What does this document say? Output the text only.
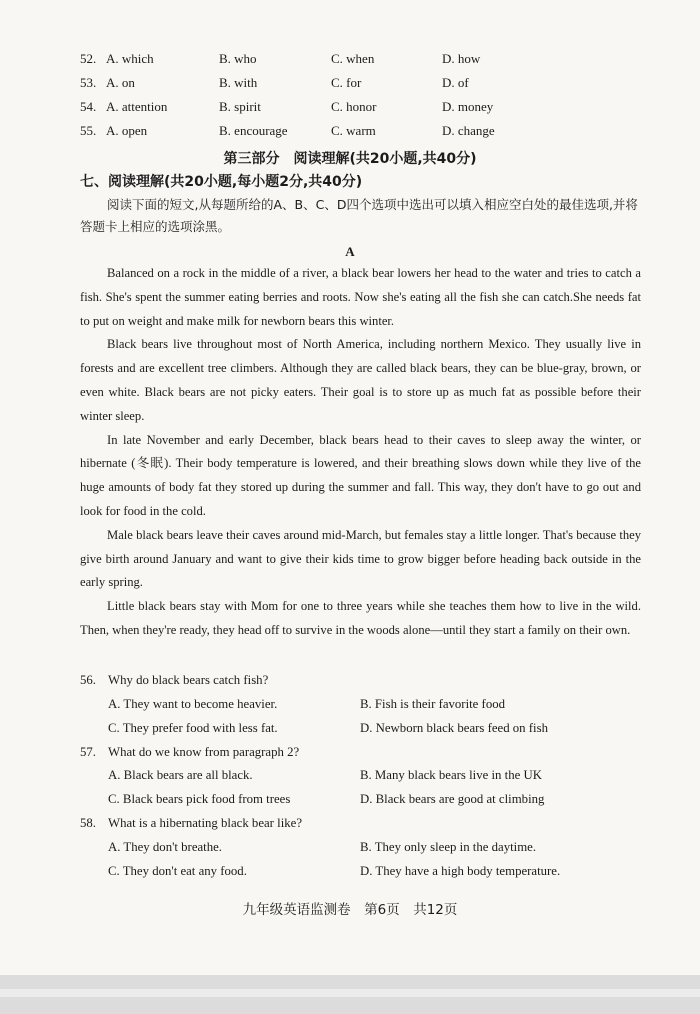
52. A. which	B. who	C. when	D. how
53. A. on	B. with	C. for	D. of
54. A. attention	B. spirit	C. honor	D. money
55. A. open	B. encourage	C. warm	D. change
第三部分　阅读理解(共20小题,共40分)
七、阅读理解(共20小题,每小题2分,共40分)
阅读下面的短文,从每题所给的A、B、C、D四个选项中选出可以填入相应空白处的最佳选项,并将答题卡上相应的选项涂黑。
A

Balanced on a rock in the middle of a river, a black bear lowers her head to the water and tries to catch a fish. She's spent the summer eating berries and roots. Now she's eating all the fish she can catch.She needs fat to put on weight and make milk for newborn bears this winter.

Black bears live throughout most of North America, including northern Mexico. They usually live in forests and are excellent tree climbers. Although they are called black bears, they can be blue-gray, brown, or even white. Black bears are not picky eaters. Their goal is to store up as much fat as possible before their winter sleep.

In late November and early December, black bears head to their caves to sleep away the winter, or hibernate (冬眠). Their body temperature is lowered, and their breathing slows down while they live of the huge amounts of body fat they stored up during the summer and fall. This way, they don't have to go out and look for food in the cold.

Male black bears leave their caves around mid-March, but females stay a little longer. That's because they give birth around January and want to give their kids time to grow bigger before heading back outside in the early spring.

Little black bears stay with Mom for one to three years while she teaches them how to live in the wild. Then, when they're ready, they head off to survive in the woods alone—until they start a family on their own.

56. Why do black bears catch fish?
A. They want to become heavier.	B. Fish is their favorite food
C. They prefer food with less fat.	D. Newborn black bears feed on fish
57. What do we know from paragraph 2?
A. Black bears are all black.	B. Many black bears live in the UK
C. Black bears pick food from trees	D. Black bears are good at climbing
58. What is a hibernating black bear like?
A. They don't breathe.	B. They only sleep in the daytime.
C. They don't eat any food.	D. They have a high body temperature.
九年级英语监测卷　第6页　共12页
